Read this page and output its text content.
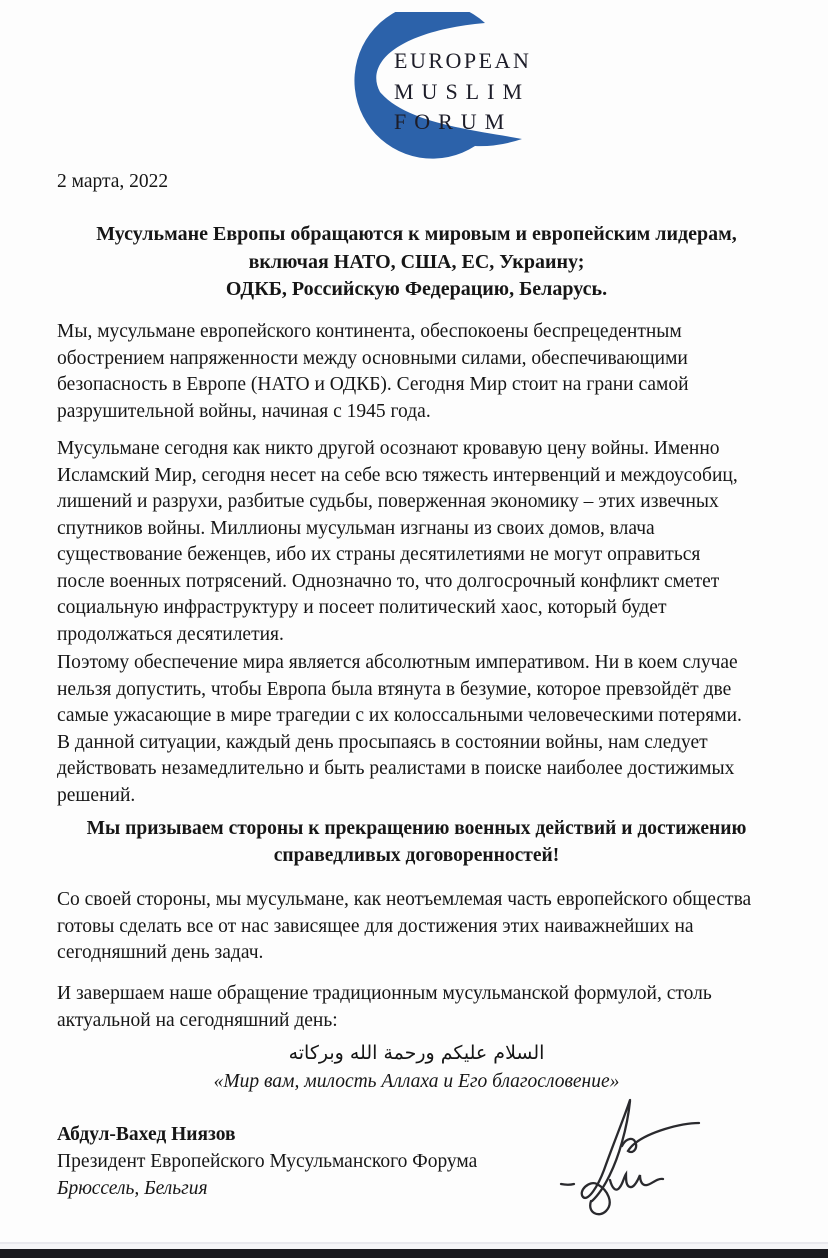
EUROPEAN
MUSLIM
FORUM
2 марта, 2022
Мусульмане Европы обращаются к мировым и европейским лидерам,
включая НАТО, США, ЕС, Украину;
ОДКБ, Российскую Федерацию, Беларусь.
Мы, мусульмане европейского континента, обеспокоены беспрецедентным
обострением напряженности между основными силами, обеспечивающими
безопасность в Европе (НАТО и ОДКБ). Сегодня Мир стоит на грани самой
разрушительной войны, начиная с 1945 года.
Мусульмане сегодня как никто другой осознают кровавую цену войны. Именно
Исламский Мир, сегодня несет на себе всю тяжесть интервенций и междоусобиц,
лишений и разрухи, разбитые судьбы, поверженная экономику – этих извечных
спутников войны. Миллионы мусульман изгнаны из своих домов, влача
существование беженцев, ибо их страны десятилетиями не могут оправиться
после военных потрясений. Однозначно то, что долгосрочный конфликт сметет
социальную инфраструктуру и посеет политический хаос, который будет
продолжаться десятилетия.
Поэтому обеспечение мира является абсолютным императивом. Ни в коем случае
нельзя допустить, чтобы Европа была втянута в безумие, которое превзойдёт две
самые ужасающие в мире трагедии с их колоссальными человеческими потерями.
В данной ситуации, каждый день просыпаясь в состоянии войны, нам следует
действовать незамедлительно и быть реалистами в поиске наиболее достижимых
решений.
Мы призываем стороны к прекращению военных действий и достижению
справедливых договоренностей!
Со своей стороны, мы мусульмане, как неотъемлемая часть европейского общества
готовы сделать все от нас зависящее для достижения этих наиважнейших на
сегодняшний день задач.
И завершаем наше обращение традиционным мусульманской формулой, столь
актуальной на сегодняшний день:
السلام عليكم ورحمة الله وبركاته
«Мир вам, милость Аллаха и Его благословение»
Абдул-Вахед Ниязов
Президент Европейского Мусульманского Форума
Брюссель, Бельгия
